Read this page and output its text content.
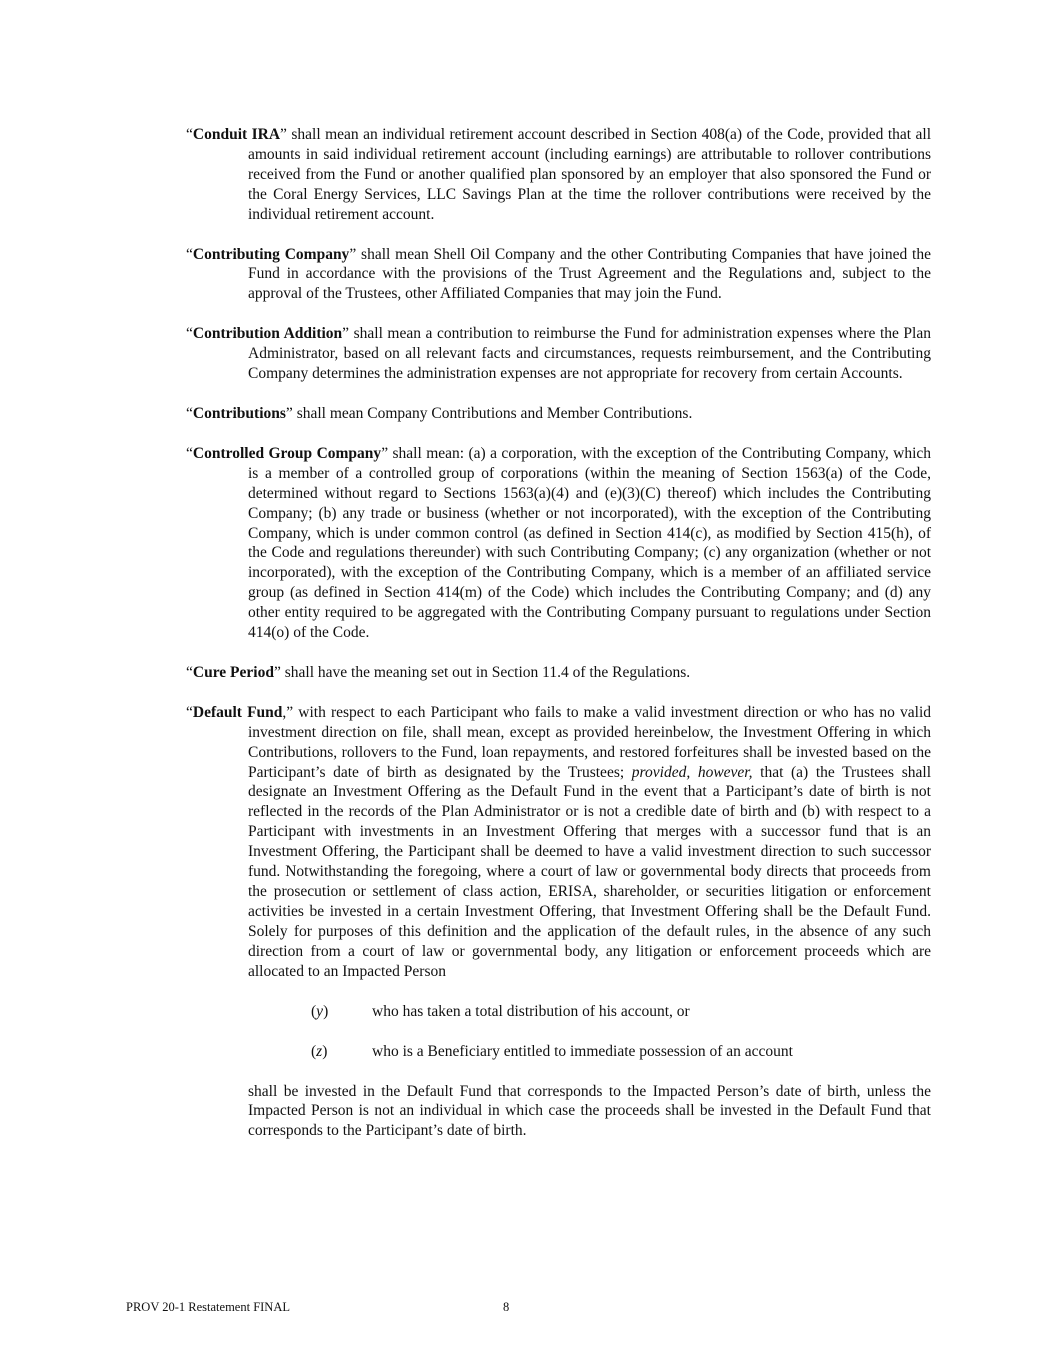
“Conduit IRA” shall mean an individual retirement account described in Section 408(a) of the Code, provided that all amounts in said individual retirement account (including earnings) are attributable to rollover contributions received from the Fund or another qualified plan sponsored by an employer that also sponsored the Fund or the Coral Energy Services, LLC Savings Plan at the time the rollover contributions were received by the individual retirement account.

“Contributing Company” shall mean Shell Oil Company and the other Contributing Companies that have joined the Fund in accordance with the provisions of the Trust Agreement and the Regulations and, subject to the approval of the Trustees, other Affiliated Companies that may join the Fund.

“Contribution Addition” shall mean a contribution to reimburse the Fund for administration expenses where the Plan Administrator, based on all relevant facts and circumstances, requests reimbursement, and the Contributing Company determines the administration expenses are not appropriate for recovery from certain Accounts.

“Contributions” shall mean Company Contributions and Member Contributions.

“Controlled Group Company” shall mean: (a) a corporation, with the exception of the Contributing Company, which is a member of a controlled group of corporations (within the meaning of Section 1563(a) of the Code, determined without regard to Sections 1563(a)(4) and (e)(3)(C) thereof) which includes the Contributing Company; (b) any trade or business (whether or not incorporated), with the exception of the Contributing Company, which is under common control (as defined in Section 414(c), as modified by Section 415(h), of the Code and regulations thereunder) with such Contributing Company; (c) any organization (whether or not incorporated), with the exception of the Contributing Company, which is a member of an affiliated service group (as defined in Section 414(m) of the Code) which includes the Contributing Company; and (d) any other entity required to be aggregated with the Contributing Company pursuant to regulations under Section 414(o) of the Code.

“Cure Period” shall have the meaning set out in Section 11.4 of the Regulations.

“Default Fund,” with respect to each Participant who fails to make a valid investment direction or who has no valid investment direction on file, shall mean, except as provided hereinbelow, the Investment Offering in which Contributions, rollovers to the Fund, loan repayments, and restored forfeitures shall be invested based on the Participant’s date of birth as designated by the Trustees; provided, however, that (a) the Trustees shall designate an Investment Offering as the Default Fund in the event that a Participant’s date of birth is not reflected in the records of the Plan Administrator or is not a credible date of birth and (b) with respect to a Participant with investments in an Investment Offering that merges with a successor fund that is an Investment Offering, the Participant shall be deemed to have a valid investment direction to such successor fund. Notwithstanding the foregoing, where a court of law or governmental body directs that proceeds from the prosecution or settlement of class action, ERISA, shareholder, or securities litigation or enforcement activities be invested in a certain Investment Offering, that Investment Offering shall be the Default Fund. Solely for purposes of this definition and the application of the default rules, in the absence of any such direction from a court of law or governmental body, any litigation or enforcement proceeds which are allocated to an Impacted Person

(y)	who has taken a total distribution of his account, or
(z)	who is a Beneficiary entitled to immediate possession of an account

shall be invested in the Default Fund that corresponds to the Impacted Person’s date of birth, unless the Impacted Person is not an individual in which case the proceeds shall be invested in the Default Fund that corresponds to the Participant’s date of birth.

PROV 20-1 Restatement FINAL	8
